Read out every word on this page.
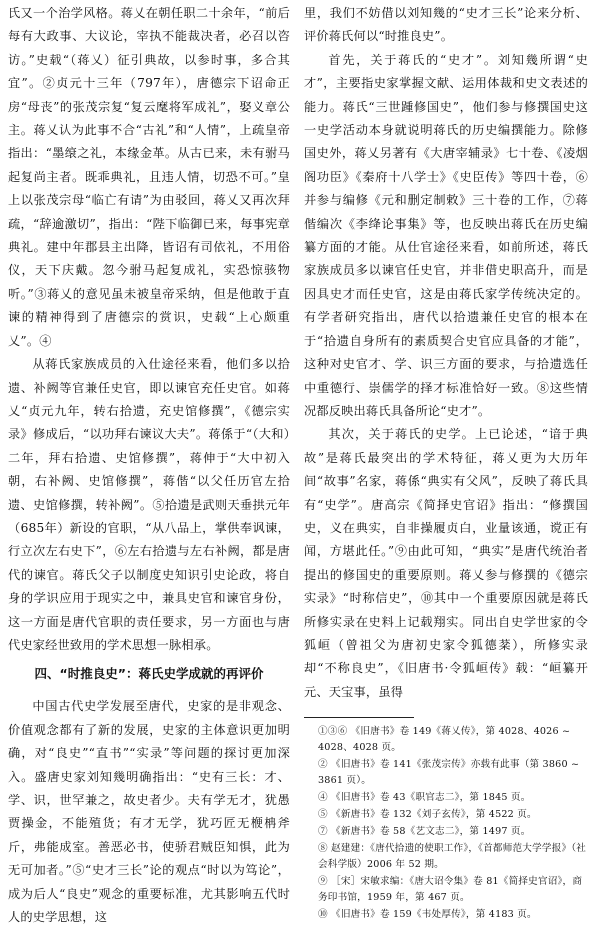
氏又一个治学风格。蒋乂在朝任职二十余年，“前后每有大政事、大议论，宰执不能裁决者，必召以咨访。”史载“（蒋乂）征引典故，以参时事，多合其宜”。②贞元十三年（797年），唐德宗下诏命正房“母丧”的张茂宗复“复云麾将军成礼”，娶义章公主。蒋乂认为此事不合“古礼”和“人情”，上疏皇帝指出：“墨缞之礼，本缘金革。从古已来，未有驸马起复尚主者。既乖典礼，且违人情，切恐不可。”皇上以张茂宗母“临亡有请”为由驳回，蒋乂又再次拜疏，“辞逾激切”，指出：“陛下临御已来，每事宪章典礼。建中年郡县主出降，皆诏有司依礼，不用俗仪，天下庆戴。忽今驸马起复成礼，实恐惊骇物听。”③蒋乂的意见虽未被皇帝采纳，但是他敢于直谏的精神得到了唐德宗的赏识，史载“上心颇重乂”。④

从蒋氏家族成员的入仕途径来看，他们多以拾遗、补阙等官兼任史官，即以谏官充任史官。如蒋乂“贞元九年，转右拾遗，充史馆修撰”，《德宗实录》修成后，“以功拜右谏议大夫”。蒋係于“（大和）二年，拜右拾遗、史馆修撰”，蒋伸于“大中初入朝，右补阙、史馆修撰”，蒋偕“以父任历官左拾遗、史馆修撰，转补阙”。⑤拾遗是武则天垂拱元年（685年）新设的官职，“从八品上，掌供奉讽谏，行立次左右史下”，⑥左右拾遗与左右补阙，都是唐代的谏官。蒋氏父子以制度史知识引史论政，将自身的学识应用于现实之中，兼具史官和谏官身份，这一方面是唐代官职的责任要求，另一方面也与唐代史家经世致用的学术思想一脉相承。

四、“时推良史”：蒋氏史学成就的再评价

中国古代史学发展至唐代，史家的是非观念、价值观念都有了新的发展，史家的主体意识更加明确，对“良史”“直书”“实录”等问题的探讨更加深入。盛唐史家刘知幾明确指出：“史有三长：才、学、识，世罕兼之，故史者少。夫有学无才，犹愚贾操金，不能殖货；有才无学，犹巧匠无楩柟斧斤，弗能成室。善恶必书，使骄君贼臣知惧，此为无可加者。”⑤“史才三长”论的观点“时以为笃论”，成为后人“良史”观念的重要标准，尤其影响五代时人的史学思想，这

里，我们不妨借以刘知幾的“史才三长”论来分析、评价蒋氏何以“时推良史”。

首先，关于蒋氏的“史才”。刘知幾所谓“史才”，主要指史家掌握文献、运用体裁和史文表述的能力。蒋氏“三世踵修国史”，他们参与修撰国史这一史学活动本身就说明蒋氏的历史编撰能力。除修国史外，蒋乂另著有《大唐宰辅录》七十卷、《凌烟阁功臣》《秦府十八学士》《史臣传》等四十卷，⑥并参与编修《元和删定制敕》三十卷的工作，⑦蒋偕编次《李绛论事集》等，也反映出蒋氏在历史编纂方面的才能。从仕官途径来看，如前所述，蒋氏家族成员多以谏官任史官，并非借史职高升，而是因具史才而任史官，这是由蒋氏家学传统决定的。有学者研究指出，唐代以拾遗兼任史官的根本在于“拾遗自身所有的素质契合史官应具备的才能”，这种对史官才、学、识三方面的要求，与拾遗选任中重德行、崇儒学的择才标准恰好一致。⑧这些情况都反映出蒋氏具备所论“史才”。

其次，关于蒋氏的史学。上已论述，“谙于典故”是蒋氏最突出的学术特征，蒋乂更为大历年间“故事”名家，蒋係“典实有父风”，反映了蒋氏具有“史学”。唐高宗《简择史官诏》指出：“修撰国史，义在典实，自非操履贞白，业量该通，谠正有闻，方堪此任。”⑨由此可知，“典实”是唐代统治者提出的修国史的重要原则。蒋乂参与修撰的《德宗实录》“时称信史”，⑩其中一个重要原因就是蒋氏所修实录在史料上记载翔实。同出自史学世家的令狐峘（曾祖父为唐初史家令狐德棻），所修实录却“不称良史”，《旧唐书·令狐峘传》载：“峘纂开元、天宝事，虽得

①③⑥ 《旧唐书》卷 149《蒋乂传》，第 4028、4026 ~ 4028、4028 页。

② 《旧唐书》卷 141《张茂宗传》亦载有此事（第 3860 ~ 3861 页）。

④ 《旧唐书》卷 43《职官志二》，第 1845 页。

⑤ 《新唐书》卷 132《刘子玄传》，第 4522 页。

⑦ 《新唐书》卷 58《艺文志二》，第 1497 页。

⑧ 赵建建：《唐代拾遗的使职工作》，《首都师范大学学报》（社会科学版）2006 年 52 期。

⑨ ［宋］宋敏求编：《唐大诏令集》卷 81《简择史官诏》，商务印书馆，1959 年，第 467 页。

⑩ 《旧唐书》卷 159《韦处厚传》，第 4183 页。
